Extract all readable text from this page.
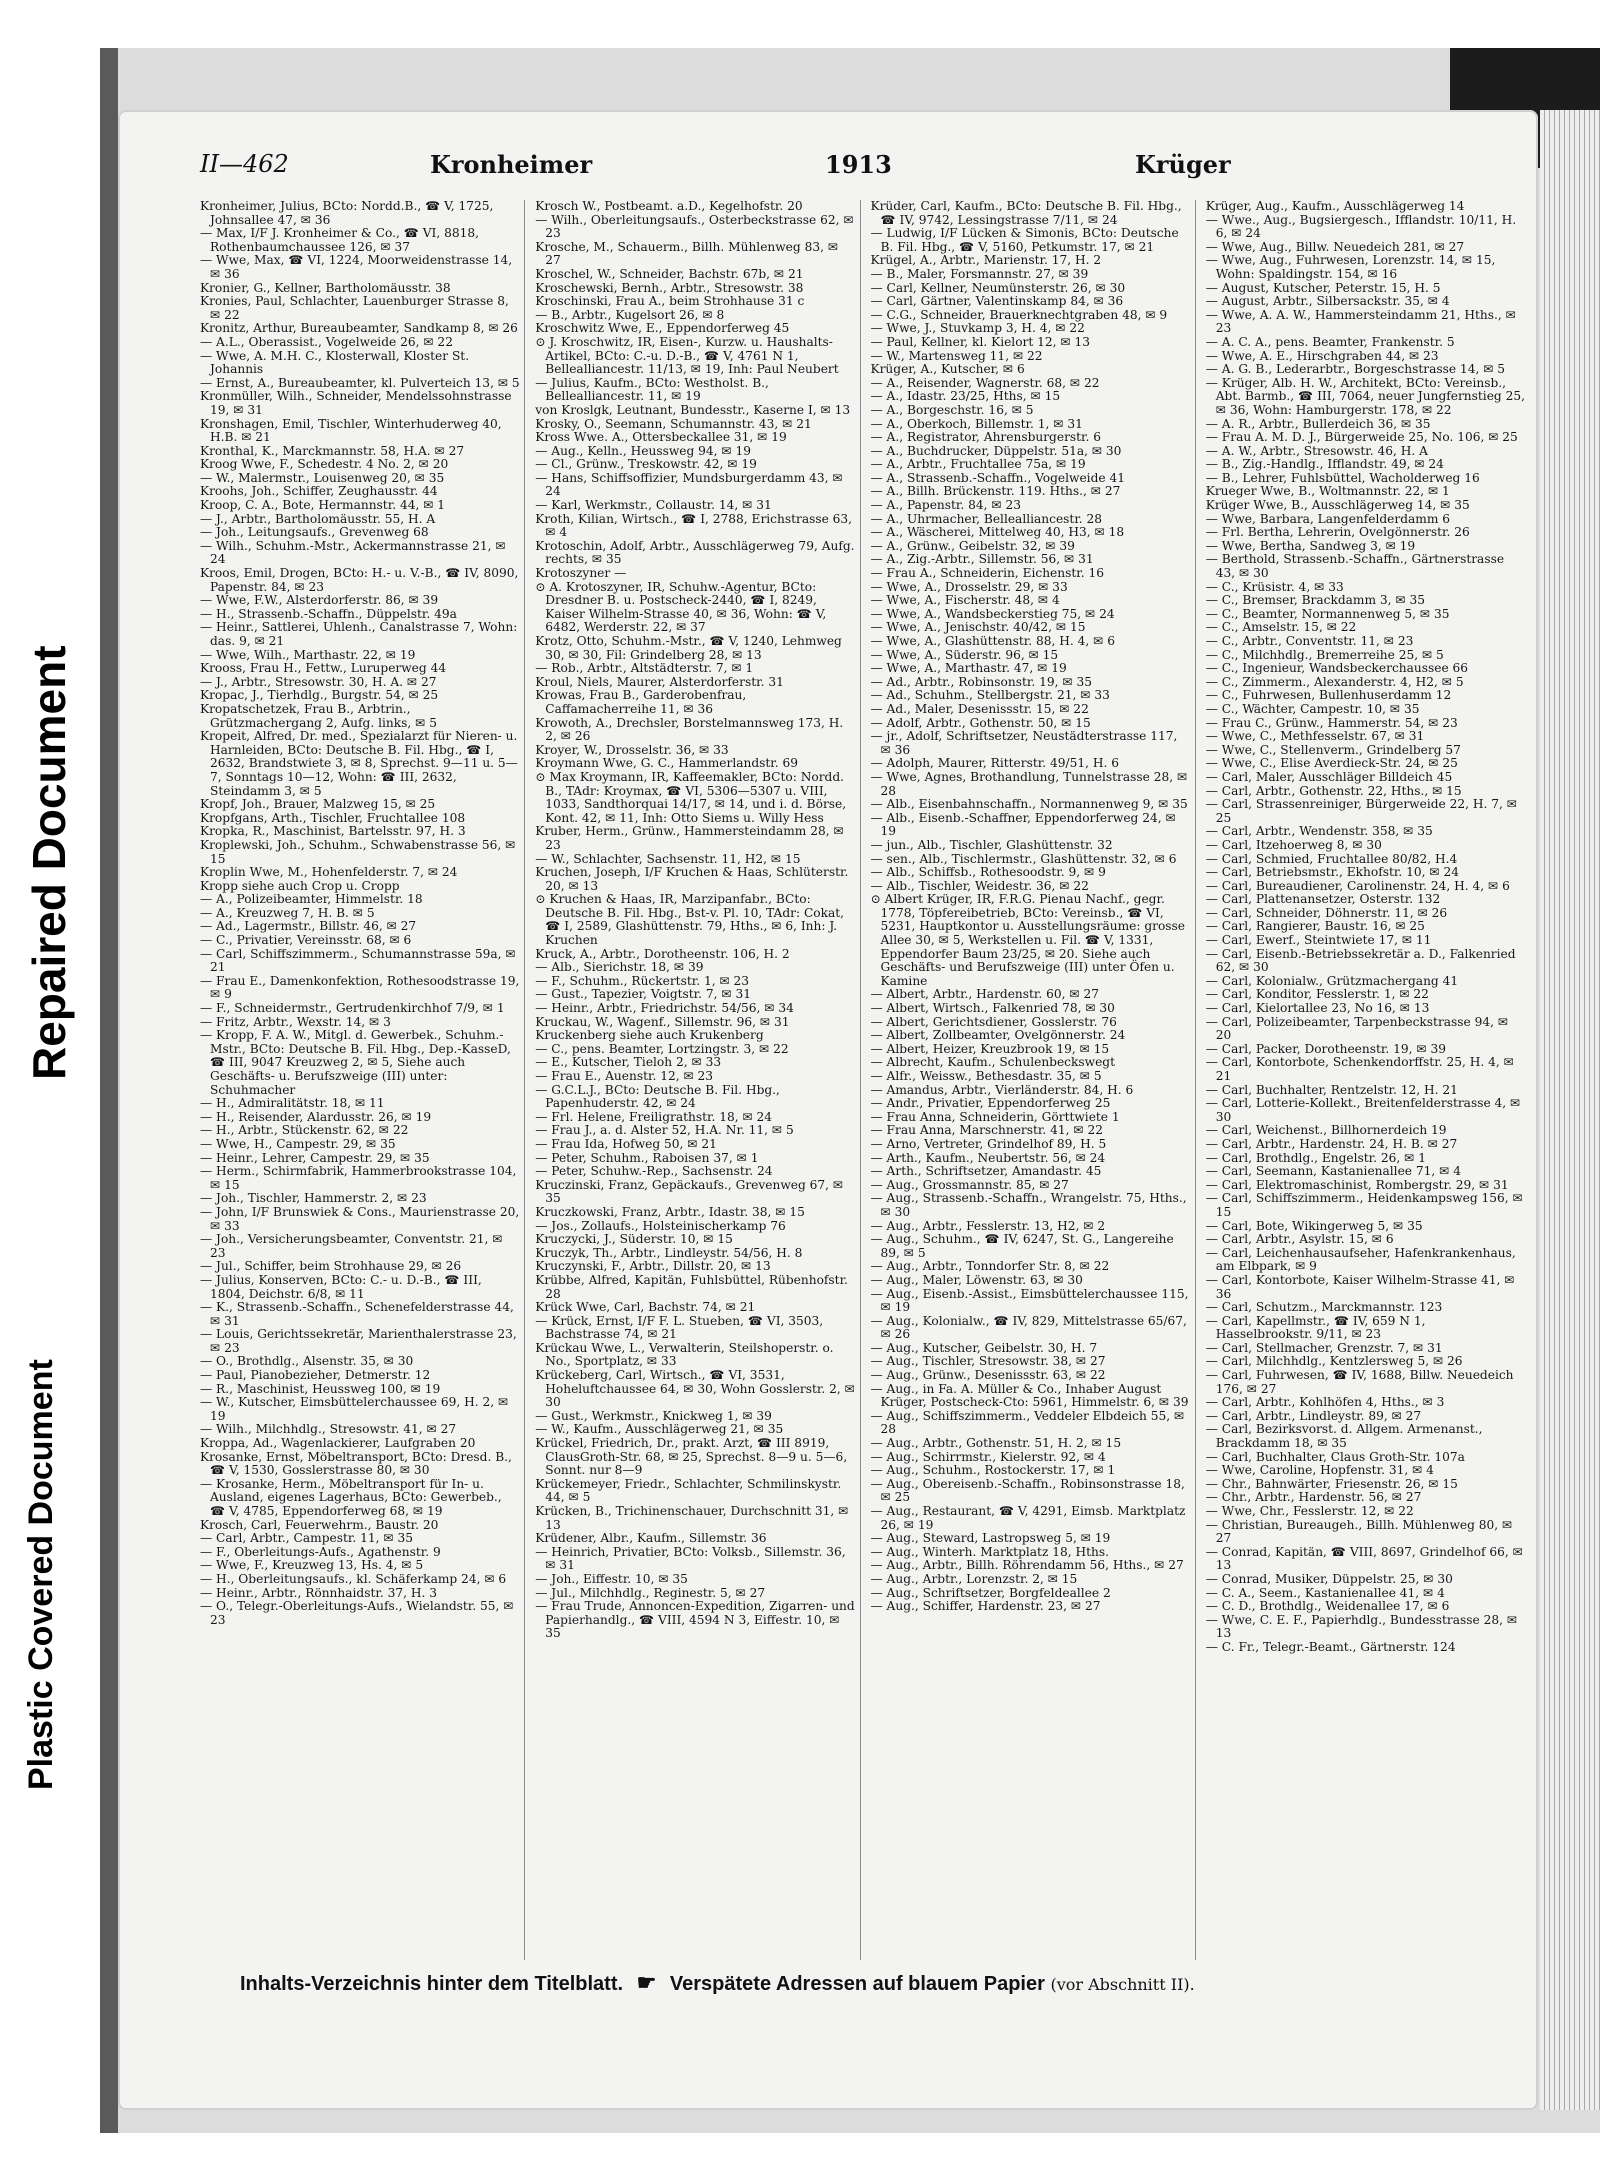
Repaired Document
Plastic Covered Document
II—462	Kronheimer	1913	Krüger
Kronheimer, Julius, BCto: Nordd.B., ☎ V, 1725, Johnsallee 47, ✉ 36
— Max, I/F J. Kronheimer & Co., ☎ VI, 8818, Rothenbaumchaussee 126, ✉ 37
— Wwe, Max, ☎ VI, 1224, Moorweidenstrasse 14, ✉ 36
Kronier, G., Kellner, Bartholomäusstr. 38
Kronies, Paul, Schlachter, Lauenburger Strasse 8, ✉ 22
Kronitz, Arthur, Bureaubeamter, Sandkamp 8, ✉ 26
— A.L., Oberassist., Vogelweide 26, ✉ 22
— Wwe, A. M.H. C., Klosterwall, Kloster St. Johannis
— Ernst, A., Bureaubeamter, kl. Pulverteich 13, ✉ 5
Kronmüller, Wilh., Schneider, Mendelssohnstrasse 19, ✉ 31
Kronshagen, Emil, Tischler, Winterhuderweg 40, H.B. ✉ 21
Kronthal, K., Marckmannstr. 58, H.A. ✉ 27
Kroog Wwe, F., Schedestr. 4 No. 2, ✉ 20
— W., Malermstr., Louisenweg 20, ✉ 35
Kroohs, Joh., Schiffer, Zeughausstr. 44
Kroop, C. A., Bote, Hermannstr. 44, ✉ 1
— J., Arbtr., Bartholomäusstr. 55, H. A
— Joh., Leitungsaufs., Grevenweg 68
— Wilh., Schuhm.-Mstr., Ackermannstrasse 21, ✉ 24
Kroos, Emil, Drogen, BCto: H.- u. V.-B., ☎ IV, 8090, Papenstr. 84, ✉ 23
— Wwe, F.W., Alsterdorferstr. 86, ✉ 39
— H., Strassenb.-Schaffn., Düppelstr. 49a
— Heinr., Sattlerei, Uhlenh., Canalstrasse 7, Wohn: das. 9, ✉ 21
— Wwe, Wilh., Marthastr. 22, ✉ 19
Krooss, Frau H., Fettw., Luruperweg 44
— J., Arbtr., Stresowstr. 30, H. A. ✉ 27
Kropac, J., Tierhdlg., Burgstr. 54, ✉ 25
Kropatschetzek, Frau B., Arbtrin., Grützmachergang 2, Aufg. links, ✉ 5
Kropeit, Alfred, Dr. med., Spezialarzt für Nieren- u. Harnleiden, BCto: Deutsche B. Fil. Hbg., ☎ I, 2632, Brandstwiete 3, ✉ 8, Sprechst. 9—11 u. 5—7, Sonntags 10—12, Wohn: ☎ III, 2632, Steindamm 3, ✉ 5
Kropf, Joh., Brauer, Malzweg 15, ✉ 25
Kropfgans, Arth., Tischler, Fruchtallee 108
Kropka, R., Maschinist, Bartelsstr. 97, H. 3
Kroplewski, Joh., Schuhm., Schwabenstrasse 56, ✉ 15
Kroplin Wwe, M., Hohenfelderstr. 7, ✉ 24
Kropp siehe auch Crop u. Cropp
— A., Polizeibeamter, Himmelstr. 18
— A., Kreuzweg 7, H. B. ✉ 5
— Ad., Lagermstr., Billstr. 46, ✉ 27
— C., Privatier, Vereinsstr. 68, ✉ 6
— Carl, Schiffszimmerm., Schumannstrasse 59a, ✉ 21
— Frau E., Damenkonfektion, Rothesoodstrasse 19, ✉ 9
— F., Schneidermstr., Gertrudenkirchhof 7/9, ✉ 1
— Fritz, Arbtr., Wexstr. 14, ✉ 3
— Kropp, F. A. W., Mitgl. d. Gewerbek., Schuhm.-Mstr., BCto: Deutsche B. Fil. Hbg., Dep.-KasseD, ☎ III, 9047 Kreuzweg 2, ✉ 5, Siehe auch Geschäfts- u. Berufszweige (III) unter: Schuhmacher
— H., Admiralitätstr. 18, ✉ 11
— H., Reisender, Alardusstr. 26, ✉ 19
— H., Arbtr., Stückenstr. 62, ✉ 22
— Wwe, H., Campestr. 29, ✉ 35
— Heinr., Lehrer, Campestr. 29, ✉ 35
— Herm., Schirmfabrik, Hammerbrookstrasse 104, ✉ 15
— Joh., Tischler, Hammerstr. 2, ✉ 23
— John, I/F Brunswiek & Cons., Maurienstrasse 20, ✉ 33
— Joh., Versicherungsbeamter, Conventstr. 21, ✉ 23
— Jul., Schiffer, beim Strohhause 29, ✉ 26
— Julius, Konserven, BCto: C.- u. D.-B., ☎ III, 1804, Deichstr. 6/8, ✉ 11
— K., Strassenb.-Schaffn., Schenefelderstrasse 44, ✉ 31
— Louis, Gerichtssekretär, Marienthalerstrasse 23, ✉ 23
— O., Brothdlg., Alsenstr. 35, ✉ 30
— Paul, Pianobezieher, Detmerstr. 12
— R., Maschinist, Heussweg 100, ✉ 19
— W., Kutscher, Eimsbüttelerchaussee 69, H. 2, ✉ 19
— Wilh., Milchhdlg., Stresowstr. 41, ✉ 27
Kroppa, Ad., Wagenlackierer, Laufgraben 20
Krosanke, Ernst, Möbeltransport, BCto: Dresd. B., ☎ V, 1530, Gosslerstrasse 80, ✉ 30
— Krosanke, Herm., Möbeltransport für In- u. Ausland, eigenes Lagerhaus, BCto: Gewerbeb., ☎ V, 4785, Eppendorferweg 68, ✉ 19
Krosch, Carl, Feuerwehrm., Baustr. 20
— Carl, Arbtr., Campestr. 11, ✉ 35
— F., Oberleitungs-Aufs., Agathenstr. 9
— Wwe, F., Kreuzweg 13, Hs. 4, ✉ 5
— H., Oberleitungsaufs., kl. Schäferkamp 24, ✉ 6
— Heinr., Arbtr., Rönnhaidstr. 37, H. 3
— O., Telegr.-Oberleitungs-Aufs., Wielandstr. 55, ✉ 23
Krosch W., Postbeamt. a.D., Kegelhofstr. 20
— Wilh., Oberleitungsaufs., Osterbeckstrasse 62, ✉ 23
Krosche, M., Schauerm., Billh. Mühlenweg 83, ✉ 27
Kroschel, W., Schneider, Bachstr. 67b, ✉ 21
Kroschewski, Bernh., Arbtr., Stresowstr. 38
Kroschinski, Frau A., beim Strohhause 31 c
— B., Arbtr., Kugelsort 26, ✉ 8
Kroschwitz Wwe, E., Eppendorferweg 45
⊙ J. Kroschwitz, IR, Eisen-, Kurzw. u. Haushalts-Artikel, BCto: C.-u. D.-B., ☎ V, 4761 N 1, Bellealliancestr. 11/13, ✉ 19, Inh: Paul Neubert
— Julius, Kaufm., BCto: Westholst. B., Bellealliancestr. 11, ✉ 19
von Kroslgk, Leutnant, Bundesstr., Kaserne I, ✉ 13
Krosky, O., Seemann, Schumannstr. 43, ✉ 21
Kross Wwe. A., Ottersbeckallee 31, ✉ 19
— Aug., Kelln., Heussweg 94, ✉ 19
— Cl., Grünw., Treskowstr. 42, ✉ 19
— Hans, Schiffsoffizier, Mundsburgerdamm 43, ✉ 24
— Karl, Werkmstr., Collaustr. 14, ✉ 31
Kroth, Kilian, Wirtsch., ☎ I, 2788, Erichstrasse 63, ✉ 4
Krotoschin, Adolf, Arbtr., Ausschlägerweg 79, Aufg. rechts, ✉ 35
Krotoszyner —
⊙ A. Krotoszyner, IR, Schuhw.-Agentur, BCto: Dresdner B. u. Postscheck-2440, ☎ I, 8249, Kaiser Wilhelm-Strasse 40, ✉ 36, Wohn: ☎ V, 6482, Werderstr. 22, ✉ 37
Krotz, Otto, Schuhm.-Mstr., ☎ V, 1240, Lehmweg 30, ✉ 30, Fil: Grindelberg 28, ✉ 13
— Rob., Arbtr., Altstädterstr. 7, ✉ 1
Kroul, Niels, Maurer, Alsterdorferstr. 31
Krowas, Frau B., Garderobenfrau, Caffamacherreihe 11, ✉ 36
Krowoth, A., Drechsler, Borstelmannsweg 173, H. 2, ✉ 26
Kroyer, W., Drosselstr. 36, ✉ 33
Kroymann Wwe, G. C., Hammerlandstr. 69
⊙ Max Kroymann, IR, Kaffeemakler, BCto: Nordd. B., TAdr: Kroymax, ☎ VI, 5306—5307 u. VIII, 1033, Sandthorquai 14/17, ✉ 14, und i. d. Börse, Kont. 42, ✉ 11, Inh: Otto Siems u. Willy Hess
Kruber, Herm., Grünw., Hammersteindamm 28, ✉ 23
— W., Schlachter, Sachsenstr. 11, H2, ✉ 15
Kruchen, Joseph, I/F Kruchen & Haas, Schlüterstr. 20, ✉ 13
⊙ Kruchen & Haas, IR, Marzipanfabr., BCto: Deutsche B. Fil. Hbg., Bst-v. Pl. 10, TAdr: Cokat, ☎ I, 2589, Glashüttenstr. 79, Hths., ✉ 6, Inh: J. Kruchen
Kruck, A., Arbtr., Dorotheenstr. 106, H. 2
— Alb., Sierichstr. 18, ✉ 39
— F., Schuhm., Rückertstr. 1, ✉ 23
— Gust., Tapezier, Voigtstr. 7, ✉ 31
— Heinr., Arbtr., Friedrichstr. 54/56, ✉ 34
Kruckau, W., Wagenf., Sillemstr. 96, ✉ 31
Kruckenberg siehe auch Krukenberg
— C., pens. Beamter, Lortzingstr. 3, ✉ 22
— E., Kutscher, Tieloh 2, ✉ 33
— Frau E., Auenstr. 12, ✉ 23
— G.C.L.J., BCto: Deutsche B. Fil. Hbg., Papenhuderstr. 42, ✉ 24
— Frl. Helene, Freiligrathstr. 18, ✉ 24
— Frau J., a. d. Alster 52, H.A. Nr. 11, ✉ 5
— Frau Ida, Hofweg 50, ✉ 21
— Peter, Schuhm., Raboisen 37, ✉ 1
— Peter, Schuhw.-Rep., Sachsenstr. 24
Kruczinski, Franz, Gepäckaufs., Grevenweg 67, ✉ 35
Kruczkowski, Franz, Arbtr., Idastr. 38, ✉ 15
— Jos., Zollaufs., Holsteinischerkamp 76
Kruczycki, J., Süderstr. 10, ✉ 15
Kruczyk, Th., Arbtr., Lindleystr. 54/56, H. 8
Kruczynski, F., Arbtr., Dillstr. 20, ✉ 13
Krübbe, Alfred, Kapitän, Fuhlsbüttel, Rübenhofstr. 28
Krück Wwe, Carl, Bachstr. 74, ✉ 21
— Krück, Ernst, I/F F. L. Stueben, ☎ VI, 3503, Bachstrasse 74, ✉ 21
Krückau Wwe, L., Verwalterin, Steilshoperstr. o. No., Sportplatz, ✉ 33
Krückeberg, Carl, Wirtsch., ☎ VI, 3531, Hoheluftchaussee 64, ✉ 30, Wohn Gosslerstr. 2, ✉ 30
— Gust., Werkmstr., Knickweg 1, ✉ 39
— W., Kaufm., Ausschlägerweg 21, ✉ 35
Krückel, Friedrich, Dr., prakt. Arzt, ☎ III 8919, ClausGroth-Str. 68, ✉ 25, Sprechst. 8—9 u. 5—6, Sonnt. nur 8—9
Krückemeyer, Friedr., Schlachter, Schmilinskystr. 44, ✉ 5
Krücken, B., Trichinenschauer, Durchschnitt 31, ✉ 13
Krüdener, Albr., Kaufm., Sillemstr. 36
— Heinrich, Privatier, BCto: Volksb., Sillemstr. 36, ✉ 31
— Joh., Eiffestr. 10, ✉ 35
— Jul., Milchhdlg., Reginestr. 5, ✉ 27
— Frau Trude, Annoncen-Expedition, Zigarren- und Papierhandlg., ☎ VIII, 4594 N 3, Eiffestr. 10, ✉ 35
Krüder, Carl, Kaufm., BCto: Deutsche B. Fil. Hbg., ☎ IV, 9742, Lessingstrasse 7/11, ✉ 24
— Ludwig, I/F Lücken & Simonis, BCto: Deutsche B. Fil. Hbg., ☎ V, 5160, Petkumstr. 17, ✉ 21
Krügel, A., Arbtr., Marienstr. 17, H. 2
— B., Maler, Forsmannstr. 27, ✉ 39
— Carl, Kellner, Neumünsterstr. 26, ✉ 30
— Carl, Gärtner, Valentinskamp 84, ✉ 36
— C.G., Schneider, Brauerknechtgraben 48, ✉ 9
— Wwe, J., Stuvkamp 3, H. 4, ✉ 22
— Paul, Kellner, kl. Kielort 12, ✉ 13
— W., Martensweg 11, ✉ 22
Krüger, A., Kutscher, ✉ 6
— A., Reisender, Wagnerstr. 68, ✉ 22
— A., Idastr. 23/25, Hths, ✉ 15
— A., Borgeschstr. 16, ✉ 5
— A., Oberkoch, Billemstr. 1, ✉ 31
— A., Registrator, Ahrensburgerstr. 6
— A., Buchdrucker, Düppelstr. 51a, ✉ 30
— A., Arbtr., Fruchtallee 75a, ✉ 19
— A., Strassenb.-Schaffn., Vogelweide 41
— A., Billh. Brückenstr. 119. Hths., ✉ 27
— A., Papenstr. 84, ✉ 23
— A., Uhrmacher, Bellealliancestr. 28
— A., Wäscherei, Mittelweg 40, H3, ✉ 18
— A., Grünw., Geibelstr. 32, ✉ 39
— A., Zig.-Arbtr., Sillemstr. 56, ✉ 31
— Frau A., Schneiderin, Eichenstr. 16
— Wwe, A., Drosselstr. 29, ✉ 33
— Wwe, A., Fischerstr. 48, ✉ 4
— Wwe, A., Wandsbeckerstieg 75, ✉ 24
— Wwe, A., Jenischstr. 40/42, ✉ 15
— Wwe, A., Glashüttenstr. 88, H. 4, ✉ 6
— Wwe, A., Süderstr. 96, ✉ 15
— Wwe, A., Marthastr. 47, ✉ 19
— Ad., Arbtr., Robinsonstr. 19, ✉ 35
— Ad., Schuhm., Stellbergstr. 21, ✉ 33
— Ad., Maler, Desenissstr. 15, ✉ 22
— Adolf, Arbtr., Gothenstr. 50, ✉ 15
— jr., Adolf, Schriftsetzer, Neustädterstrasse 117, ✉ 36
— Adolph, Maurer, Ritterstr. 49/51, H. 6
— Wwe, Agnes, Brothandlung, Tunnelstrasse 28, ✉ 28
— Alb., Eisenbahnschaffn., Normannenweg 9, ✉ 35
— Alb., Eisenb.-Schaffner, Eppendorferweg 24, ✉ 19
— jun., Alb., Tischler, Glashüttenstr. 32
— sen., Alb., Tischlermstr., Glashüttenstr. 32, ✉ 6
— Alb., Schiffsb., Rothesoodstr. 9, ✉ 9
— Alb., Tischler, Weidestr. 36, ✉ 22
⊙ Albert Krüger, IR, F.R.G. Pienau Nachf., gegr. 1778, Töpfereibetrieb, BCto: Vereinsb., ☎ VI, 5231, Hauptkontor u. Ausstellungsräume: grosse Allee 30, ✉ 5, Werkstellen u. Fil. ☎ V, 1331, Eppendorfer Baum 23/25, ✉ 20. Siehe auch Geschäfts- und Berufszweige (III) unter Öfen u. Kamine
— Albert, Arbtr., Hardenstr. 60, ✉ 27
— Albert, Wirtsch., Falkenried 78, ✉ 30
— Albert, Gerichtsdiener, Gosslerstr. 76
— Albert, Zollbeamter, Ovelgönnerstr. 24
— Albert, Heizer, Kreuzbrook 19, ✉ 15
— Albrecht, Kaufm., Schulenbeckswegt
— Alfr., Weissw., Bethesdastr. 35, ✉ 5
— Amandus, Arbtr., Vierländerstr. 84, H. 6
— Andr., Privatier, Eppendorferweg 25
— Frau Anna, Schneiderin, Görttwiete 1
— Frau Anna, Marschnerstr. 41, ✉ 22
— Arno, Vertreter, Grindelhof 89, H. 5
— Arth., Kaufm., Neubertstr. 56, ✉ 24
— Arth., Schriftsetzer, Amandastr. 45
— Aug., Grossmannstr. 85, ✉ 27
— Aug., Strassenb.-Schaffn., Wrangelstr. 75, Hths., ✉ 30
— Aug., Arbtr., Fesslerstr. 13, H2, ✉ 2
— Aug., Schuhm., ☎ IV, 6247, St. G., Langereihe 89, ✉ 5
— Aug., Arbtr., Tonndorfer Str. 8, ✉ 22
— Aug., Maler, Löwenstr. 63, ✉ 30
— Aug., Eisenb.-Assist., Eimsbüttelerchaussee 115, ✉ 19
— Aug., Kolonialw., ☎ IV, 829, Mittelstrasse 65/67, ✉ 26
— Aug., Kutscher, Geibelstr. 30, H. 7
— Aug., Tischler, Stresowstr. 38, ✉ 27
— Aug., Grünw., Desenissstr. 63, ✉ 22
— Aug., in Fa. A. Müller & Co., Inhaber August Krüger, Postscheck-Cto: 5961, Himmelstr. 6, ✉ 39
— Aug., Schiffszimmerm., Veddeler Elbdeich 55, ✉ 28
— Aug., Arbtr., Gothenstr. 51, H. 2, ✉ 15
— Aug., Schirrmstr., Kielerstr. 92, ✉ 4
— Aug., Schuhm., Rostockerstr. 17, ✉ 1
— Aug., Obereisenb.-Schaffn., Robinsonstrasse 18, ✉ 25
— Aug., Restaurant, ☎ V, 4291, Eimsb. Marktplatz 26, ✉ 19
— Aug., Steward, Lastropsweg 5, ✉ 19
— Aug., Winterh. Marktplatz 18, Hths.
— Aug., Arbtr., Billh. Röhrendamm 56, Hths., ✉ 27
— Aug., Arbtr., Lorenzstr. 2, ✉ 15
— Aug., Schriftsetzer, Borgfeldeallee 2
— Aug., Schiffer, Hardenstr. 23, ✉ 27
Krüger, Aug., Kaufm., Ausschlägerweg 14
— Wwe., Aug., Bugsiergesch., Ifflandstr. 10/11, H. 6, ✉ 24
— Wwe, Aug., Billw. Neuedeich 281, ✉ 27
— Wwe, Aug., Fuhrwesen, Lorenzstr. 14, ✉ 15, Wohn: Spaldingstr. 154, ✉ 16
— August, Kutscher, Peterstr. 15, H. 5
— August, Arbtr., Silbersackstr. 35, ✉ 4
— Wwe, A. A. W., Hammersteindamm 21, Hths., ✉ 23
— A. C. A., pens. Beamter, Frankenstr. 5
— Wwe, A. E., Hirschgraben 44, ✉ 23
— A. G. B., Lederarbtr., Borgeschstrasse 14, ✉ 5
— Krüger, Alb. H. W., Architekt, BCto: Vereinsb., Abt. Barmb., ☎ III, 7064, neuer Jungfernstieg 25, ✉ 36, Wohn: Hamburgerstr. 178, ✉ 22
— A. R., Arbtr., Bullerdeich 36, ✉ 35
— Frau A. M. D. J., Bürgerweide 25, No. 106, ✉ 25
— A. W., Arbtr., Stresowstr. 46, H. A
— B., Zig.-Handlg., Ifflandstr. 49, ✉ 24
— B., Lehrer, Fuhlsbüttel, Wacholderweg 16
Krueger Wwe, B., Woltmannstr. 22, ✉ 1
Krüger Wwe, B., Ausschlägerweg 14, ✉ 35
— Wwe, Barbara, Langenfelderdamm 6
— Frl. Bertha, Lehrerin, Ovelgönnerstr. 26
— Wwe, Bertha, Sandweg 3, ✉ 19
— Berthold, Strassenb.-Schaffn., Gärtnerstrasse 43, ✉ 30
— C., Krüsistr. 4, ✉ 33
— C., Bremser, Brackdamm 3, ✉ 35
— C., Beamter, Normannenweg 5, ✉ 35
— C., Amselstr. 15, ✉ 22
— C., Arbtr., Conventstr. 11, ✉ 23
— C., Milchhdlg., Bremerreihe 25, ✉ 5
— C., Ingenieur, Wandsbeckerchaussee 66
— C., Zimmerm., Alexanderstr. 4, H2, ✉ 5
— C., Fuhrwesen, Bullenhuserdamm 12
— C., Wächter, Campestr. 10, ✉ 35
— Frau C., Grünw., Hammerstr. 54, ✉ 23
— Wwe, C., Methfesselstr. 67, ✉ 31
— Wwe, C., Stellenverm., Grindelberg 57
— Wwe, C., Elise Averdieck-Str. 24, ✉ 25
— Carl, Maler, Ausschläger Billdeich 45
— Carl, Arbtr., Gothenstr. 22, Hths., ✉ 15
— Carl, Strassenreiniger, Bürgerweide 22, H. 7, ✉ 25
— Carl, Arbtr., Wendenstr. 358, ✉ 35
— Carl, Itzehoerweg 8, ✉ 30
— Carl, Schmied, Fruchtallee 80/82, H.4
— Carl, Betriebsmstr., Ekhofstr. 10, ✉ 24
— Carl, Bureaudiener, Carolinenstr. 24, H. 4, ✉ 6
— Carl, Plattenansetzer, Osterstr. 132
— Carl, Schneider, Döhnerstr. 11, ✉ 26
— Carl, Rangierer, Baustr. 16, ✉ 25
— Carl, Ewerf., Steintwiete 17, ✉ 11
— Carl, Eisenb.-Betriebssekretär a. D., Falkenried 62, ✉ 30
— Carl, Kolonialw., Grützmachergang 41
— Carl, Konditor, Fesslerstr. 1, ✉ 22
— Carl, Kielortallee 23, No 16, ✉ 13
— Carl, Polizeibeamter, Tarpenbeckstrasse 94, ✉ 20
— Carl, Packer, Dorotheenstr. 19, ✉ 39
— Carl, Kontorbote, Schenkendorffstr. 25, H. 4, ✉ 21
— Carl, Buchhalter, Rentzelstr. 12, H. 21
— Carl, Lotterie-Kollekt., Breitenfelderstrasse 4, ✉ 30
— Carl, Weichenst., Billhornerdeich 19
— Carl, Arbtr., Hardenstr. 24, H. B. ✉ 27
— Carl, Brothdlg., Engelstr. 26, ✉ 1
— Carl, Seemann, Kastanienallee 71, ✉ 4
— Carl, Elektromaschinist, Rombergstr. 29, ✉ 31
— Carl, Schiffszimmerm., Heidenkampsweg 156, ✉ 15
— Carl, Bote, Wikingerweg 5, ✉ 35
— Carl, Arbtr., Asylstr. 15, ✉ 6
— Carl, Leichenhausaufseher, Hafenkrankenhaus, am Elbpark, ✉ 9
— Carl, Kontorbote, Kaiser Wilhelm-Strasse 41, ✉ 36
— Carl, Schutzm., Marckmannstr. 123
— Carl, Kapellmstr., ☎ IV, 659 N 1, Hasselbrookstr. 9/11, ✉ 23
— Carl, Stellmacher, Grenzstr. 7, ✉ 31
— Carl, Milchhdlg., Kentzlersweg 5, ✉ 26
— Carl, Fuhrwesen, ☎ IV, 1688, Billw. Neuedeich 176, ✉ 27
— Carl, Arbtr., Kohlhöfen 4, Hths., ✉ 3
— Carl, Arbtr., Lindleystr. 89, ✉ 27
— Carl, Bezirksvorst. d. Allgem. Armenanst., Brackdamm 18, ✉ 35
— Carl, Buchhalter, Claus Groth-Str. 107a
— Wwe, Caroline, Hopfenstr. 31, ✉ 4
— Chr., Bahnwärter, Friesenstr. 26, ✉ 15
— Chr., Arbtr., Hardenstr. 56, ✉ 27
— Wwe, Chr., Fesslerstr. 12, ✉ 22
— Christian, Bureaugeh., Billh. Mühlenweg 80, ✉ 27
— Conrad, Kapitän, ☎ VIII, 8697, Grindelhof 66, ✉ 13
— Conrad, Musiker, Düppelstr. 25, ✉ 30
— C. A., Seem., Kastanienallee 41, ✉ 4
— C. D., Brothdlg., Weidenallee 17, ✉ 6
— Wwe, C. E. F., Papierhdlg., Bundesstrasse 28, ✉ 13
— C. Fr., Telegr.-Beamt., Gärtnerstr. 124
Inhalts-Verzeichnis hinter dem Titelblatt. ☛ Verspätete Adressen auf blauem Papier (vor Abschnitt II).
